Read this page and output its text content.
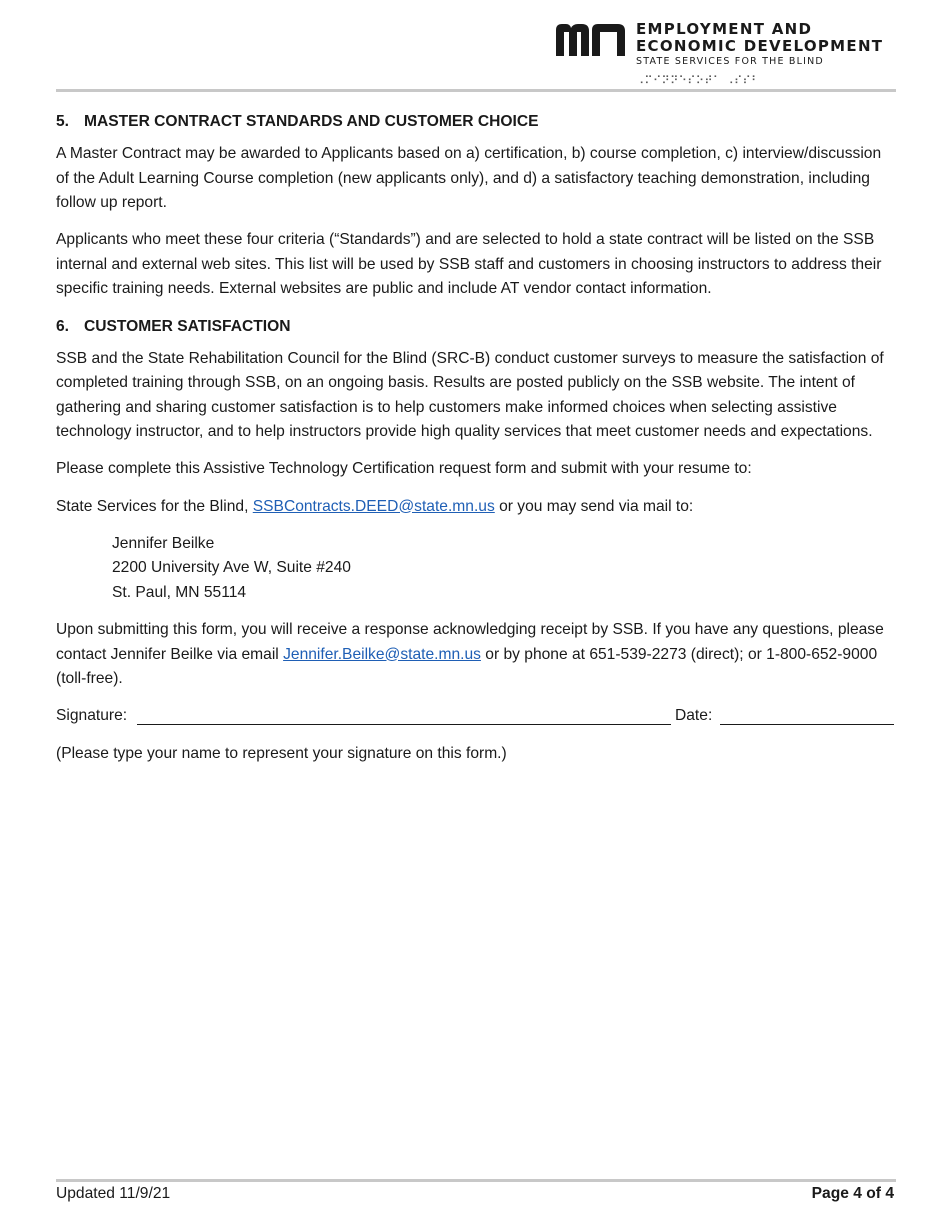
EMPLOYMENT AND
ECONOMIC DEVELOPMENT
STATE SERVICES FOR THE BLIND
⠠⠍⠊⠝⠝⠑⠎⠕⠞⠁ ⠠⠎⠎⠃
5. MASTER CONTRACT STANDARDS AND CUSTOMER CHOICE

A Master Contract may be awarded to Applicants based on a) certification, b) course completion, c) interview/discussion of the Adult Learning Course completion (new applicants only), and d) a satisfactory teaching demonstration, including follow up report.

Applicants who meet these four criteria (“Standards”) and are selected to hold a state contract will be listed on the SSB internal and external web sites. This list will be used by SSB staff and customers in choosing instructors to address their specific training needs. External websites are public and include AT vendor contact information.

6. CUSTOMER SATISFACTION

SSB and the State Rehabilitation Council for the Blind (SRC-B) conduct customer surveys to measure the satisfaction of completed training through SSB, on an ongoing basis. Results are posted publicly on the SSB website. The intent of gathering and sharing customer satisfaction is to help customers make informed choices when selecting assistive technology instructor, and to help instructors provide high quality services that meet customer needs and expectations.

Please complete this Assistive Technology Certification request form and submit with your resume to:

State Services for the Blind, SSBContracts.DEED@state.mn.us or you may send via mail to:

Jennifer Beilke
2200 University Ave W, Suite #240
St. Paul, MN 55114

Upon submitting this form, you will receive a response acknowledging receipt by SSB. If you have any questions, please contact Jennifer Beilke via email Jennifer.Beilke@state.mn.us or by phone at 651-539-2273 (direct); or 1-800-652-9000 (toll-free).

Signature:	Date:

(Please type your name to represent your signature on this form.)

Updated 11/9/21	Page 4 of 4
